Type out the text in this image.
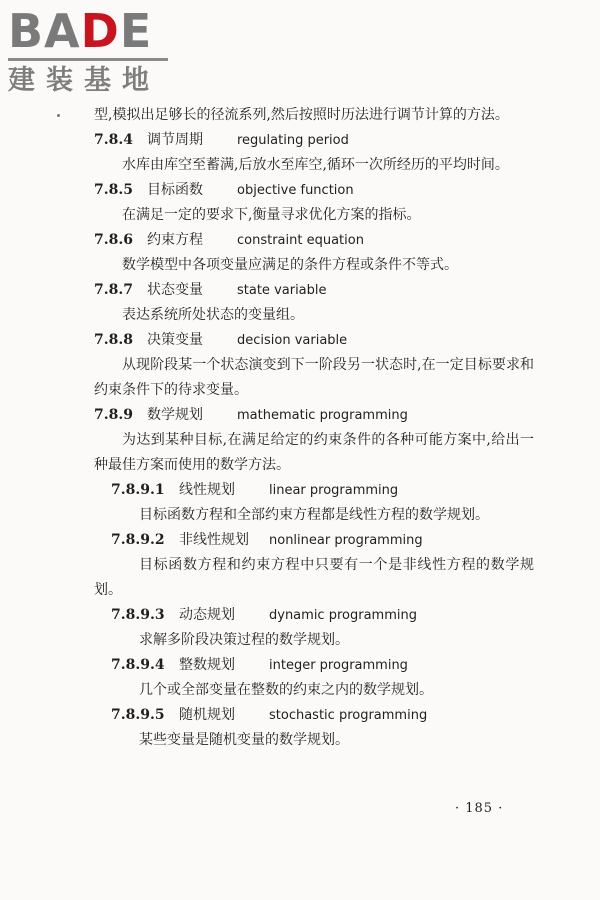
BADE
建装基地

型,模拟出足够长的径流系列,然后按照时历法进行调节计算的方法。

7.8.4 调节周期	regulating period

水库由库空至蓄满,后放水至库空,循环一次所经历的平均时间。

7.8.5 目标函数	objective function

在满足一定的要求下,衡量寻求优化方案的指标。

7.8.6 约束方程	constraint equation

数学模型中各项变量应满足的条件方程或条件不等式。

7.8.7 状态变量	state variable

表达系统所处状态的变量组。

7.8.8 决策变量	decision variable

从现阶段某一个状态演变到下一阶段另一状态时,在一定目标要求和约束条件下的待求变量。

7.8.9 数学规划	mathematic programming

为达到某种目标,在满足给定的约束条件的各种可能方案中,给出一种最佳方案而使用的数学方法。

7.8.9.1 线性规划	linear programming

目标函数方程和全部约束方程都是线性方程的数学规划。

7.8.9.2 非线性规划 nonlinear programming

目标函数方程和约束方程中只要有一个是非线性方程的数学规划。

7.8.9.3 动态规划	dynamic programming

求解多阶段决策过程的数学规划。

7.8.9.4 整数规划	integer programming

几个或全部变量在整数的约束之内的数学规划。

7.8.9.5 随机规划	stochastic programming

某些变量是随机变量的数学规划。

· 185 ·
